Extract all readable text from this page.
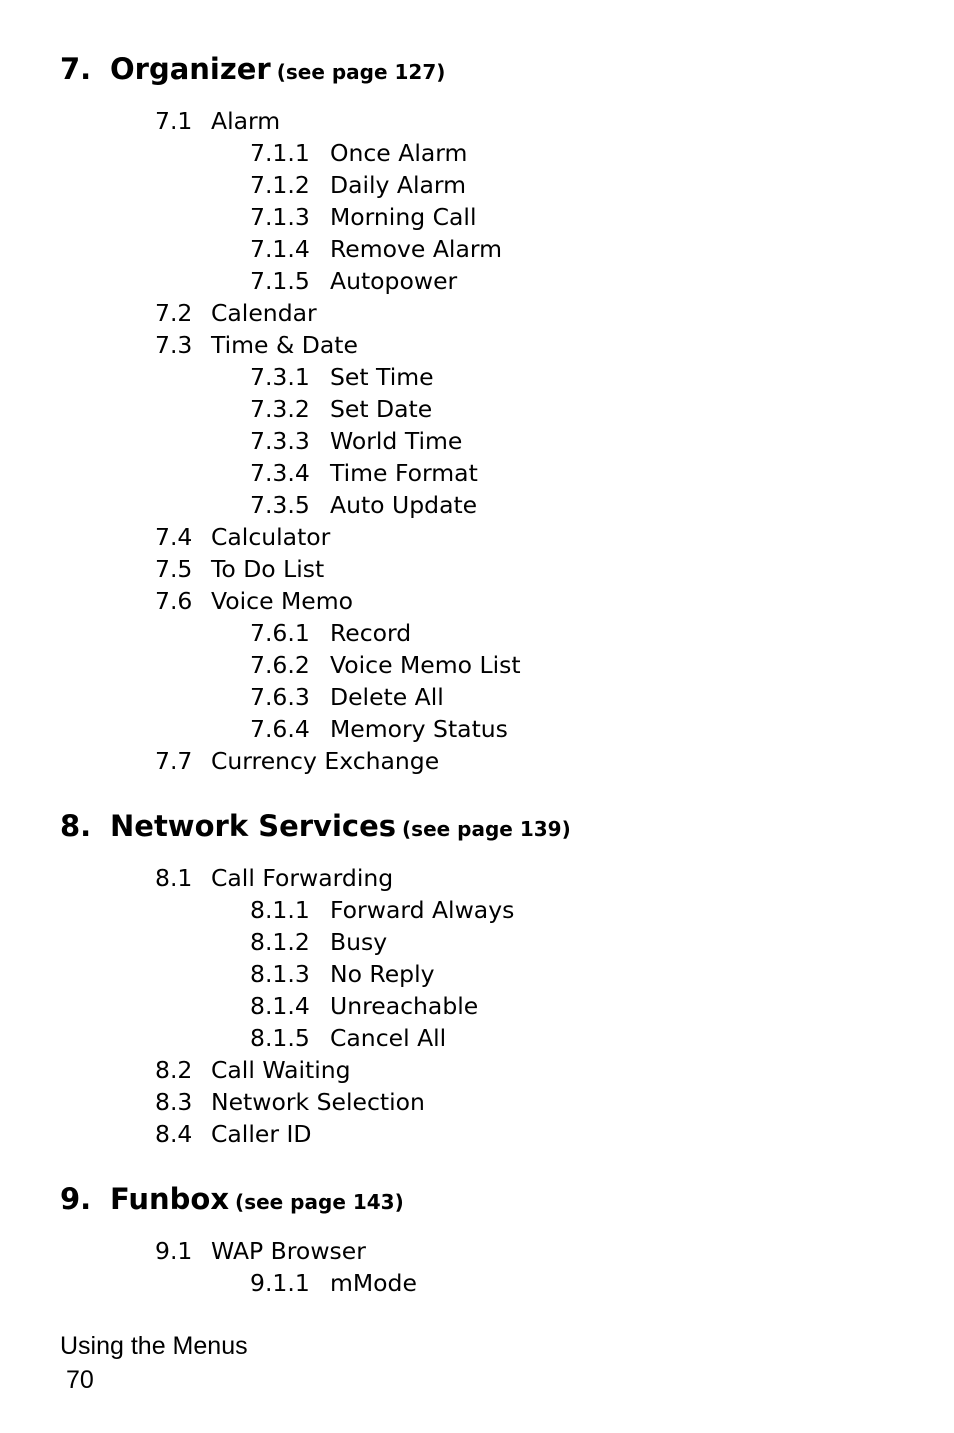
7. Organizer (see page 127)
7.1 Alarm
7.1.1 Once Alarm
7.1.2 Daily Alarm
7.1.3 Morning Call
7.1.4 Remove Alarm
7.1.5 Autopower
7.2 Calendar
7.3 Time & Date
7.3.1 Set Time
7.3.2 Set Date
7.3.3 World Time
7.3.4 Time Format
7.3.5 Auto Update
7.4 Calculator
7.5 To Do List
7.6 Voice Memo
7.6.1 Record
7.6.2 Voice Memo List
7.6.3 Delete All
7.6.4 Memory Status
7.7 Currency Exchange
8. Network Services (see page 139)
8.1 Call Forwarding
8.1.1 Forward Always
8.1.2 Busy
8.1.3 No Reply
8.1.4 Unreachable
8.1.5 Cancel All
8.2 Call Waiting
8.3 Network Selection
8.4 Caller ID
9. Funbox (see page 143)
9.1 WAP Browser
9.1.1 mMode
Using the Menus
70
